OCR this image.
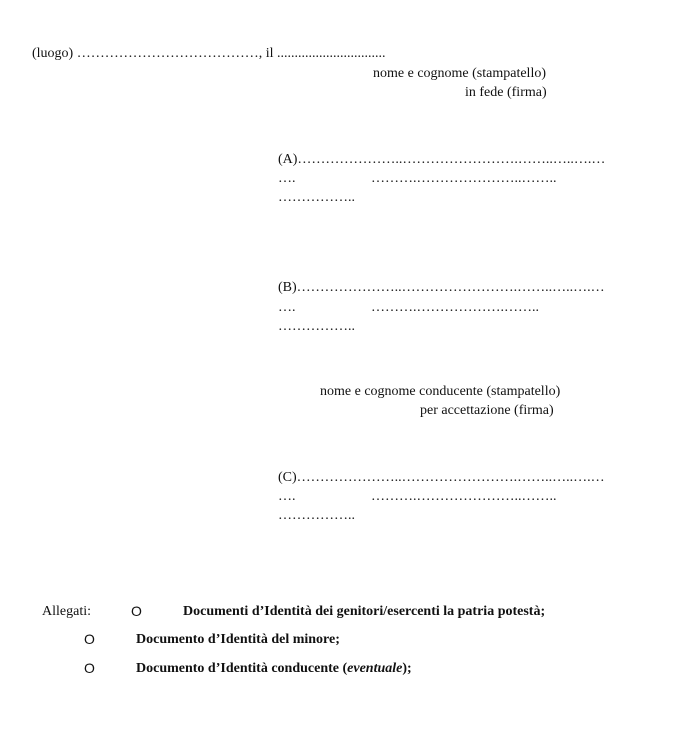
(luogo) …………………………………, il ...............................
nome e cognome (stampatello)
in fede (firma)
(A)…………………..…………………….……..…..….…
….	……….…………………..……..
……………..
(B)…………………..…………………….……..…..….…
….	……….……………….……..
……………..
nome e cognome conducente (stampatello)
per accettazione (firma)
(C)…………………..…………………….……..…..….…
….	……….…………………..……..
……………..
Allegati:	O	Documenti d’Identità dei genitori/esercenti la patria potestà;
O	Documento d’Identità del minore;
O	Documento d’Identità conducente (eventuale);
